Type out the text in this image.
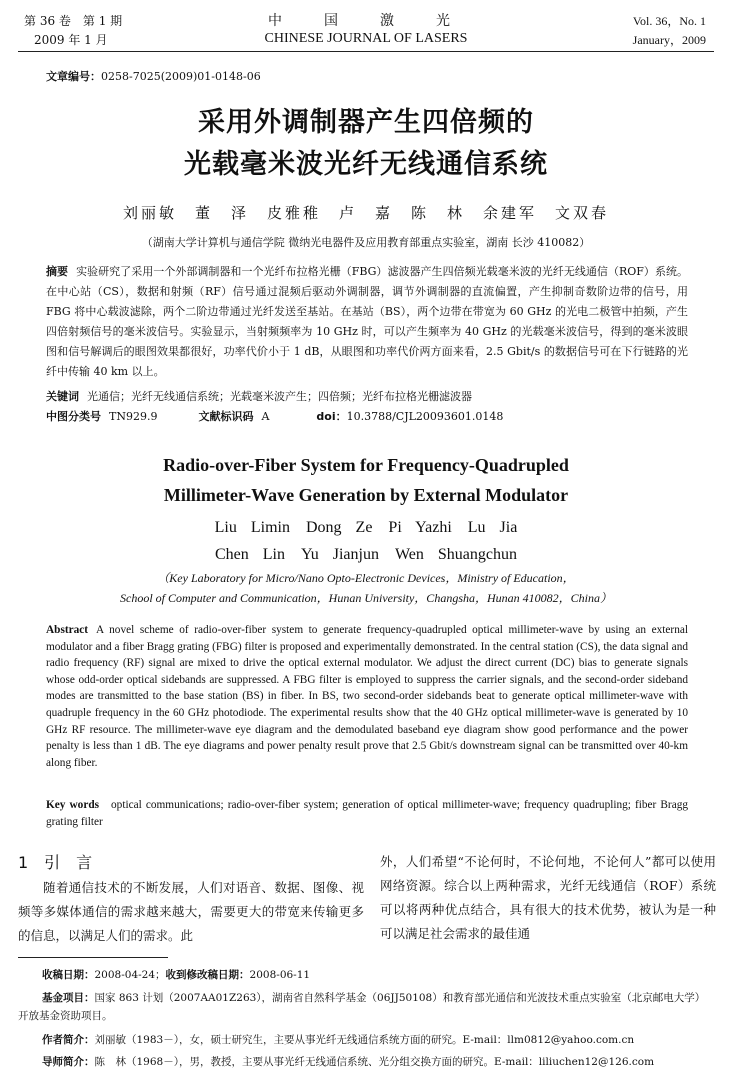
第 36 卷　第 1 期
2009 年 1 月
中　国　激　光
CHINESE JOURNAL OF LASERS
Vol. 36，No. 1
January，2009
文章编号：0258-7025(2009)01-0148-06
采用外调制器产生四倍频的
光载毫米波光纤无线通信系统
刘丽敏　董　泽　皮雅稚　卢　嘉　陈　林　余建军　文双春
（湖南大学计算机与通信学院 微纳光电器件及应用教育部重点实验室，湖南 长沙 410082）
摘要 实验研究了采用一个外部调制器和一个光纤布拉格光栅（FBG）滤波器产生四倍频光载毫米波的光纤无线通信（ROF）系统。在中心站（CS），数据和射频（RF）信号通过混频后驱动外调制器，调节外调制器的直流偏置，产生抑制奇数阶边带的信号，用 FBG 将中心载波滤除，两个二阶边带通过光纤发送至基站。在基站（BS），两个边带在带宽为 60 GHz 的光电二极管中拍频，产生四倍射频信号的毫米波信号。实验显示，当射频频率为 10 GHz 时，可以产生频率为 40 GHz 的光载毫米波信号，得到的毫米波眼图和信号解调后的眼图效果都很好，功率代价小于 1 dB，从眼图和功率代价两方面来看，2.5 Gbit/s 的数据信号可在下行链路的光纤中传输 40 km 以上。
关键词 光通信；光纤无线通信系统；光载毫米波产生；四倍频；光纤布拉格光栅滤波器
中图分类号 TN929.9	文献标识码 A	doi：10.3788/CJL20093601.0148
Radio-over-Fiber System for Frequency-Quadrupled
Millimeter-Wave Generation by External Modulator
Liu Limin　Dong Ze　Pi Yazhi　Lu Jia
Chen Lin　Yu Jianjun　Wen Shuangchun
（Key Laboratory for Micro/Nano Opto-Electronic Devices，Ministry of Education，
School of Computer and Communication，Hunan University，Changsha，Hunan 410082，China）
Abstract A novel scheme of radio-over-fiber system to generate frequency-quadrupled optical millimeter-wave by using an external modulator and a fiber Bragg grating (FBG) filter is proposed and experimentally demonstrated. In the central station (CS), the data signal and radio frequency (RF) signal are mixed to drive the optical external modulator. We adjust the direct current (DC) bias to generate signals whose odd-order optical sidebands are suppressed. A FBG filter is employed to suppress the carrier signals, and the second-order sideband modes are transmitted to the base station (BS) in fiber. In BS, two second-order sidebands beat to generate optical millimeter-wave with quadruple frequency in the 60 GHz photodiode. The experimental results show that the 40 GHz optical millimeter-wave is generated by 10 GHz RF resource. The millimeter-wave eye diagram and the demodulated baseband eye diagram show good performance and the power penalty is less than 1 dB. The eye diagrams and power penalty result prove that 2.5 Gbit/s downstream signal can be transmitted over 40-km along fiber.
Key words optical communications; radio-over-fiber system; generation of optical millimeter-wave; frequency quadrupling; fiber Bragg grating filter
1　引　言
随着通信技术的不断发展，人们对语音、数据、图像、视频等多媒体通信的需求越来越大，需要更大的带宽来传输更多的信息，以满足人们的需求。此
外，人们希望“不论何时，不论何地，不论何人”都可以使用网络资源。综合以上两种需求，光纤无线通信（ROF）系统可以将两种优点结合，具有很大的技术优势，被认为是一种可以满足社会需求的最佳通
收稿日期：2008-04-24；收到修改稿日期：2008-06-11
基金项目：国家 863 计划（2007AA01Z263），湖南省自然科学基金（06JJ50108）和教育部光通信和光波技术重点实验室（北京邮电大学）开放基金资助项目。
作者简介：刘丽敏（1983－），女，硕士研究生，主要从事光纤无线通信系统方面的研究。E-mail：llm0812@yahoo.com.cn
导师简介：陈　林（1968－），男，教授，主要从事光纤无线通信系统、光分组交换方面的研究。E-mail：liliuchen12@126.com
